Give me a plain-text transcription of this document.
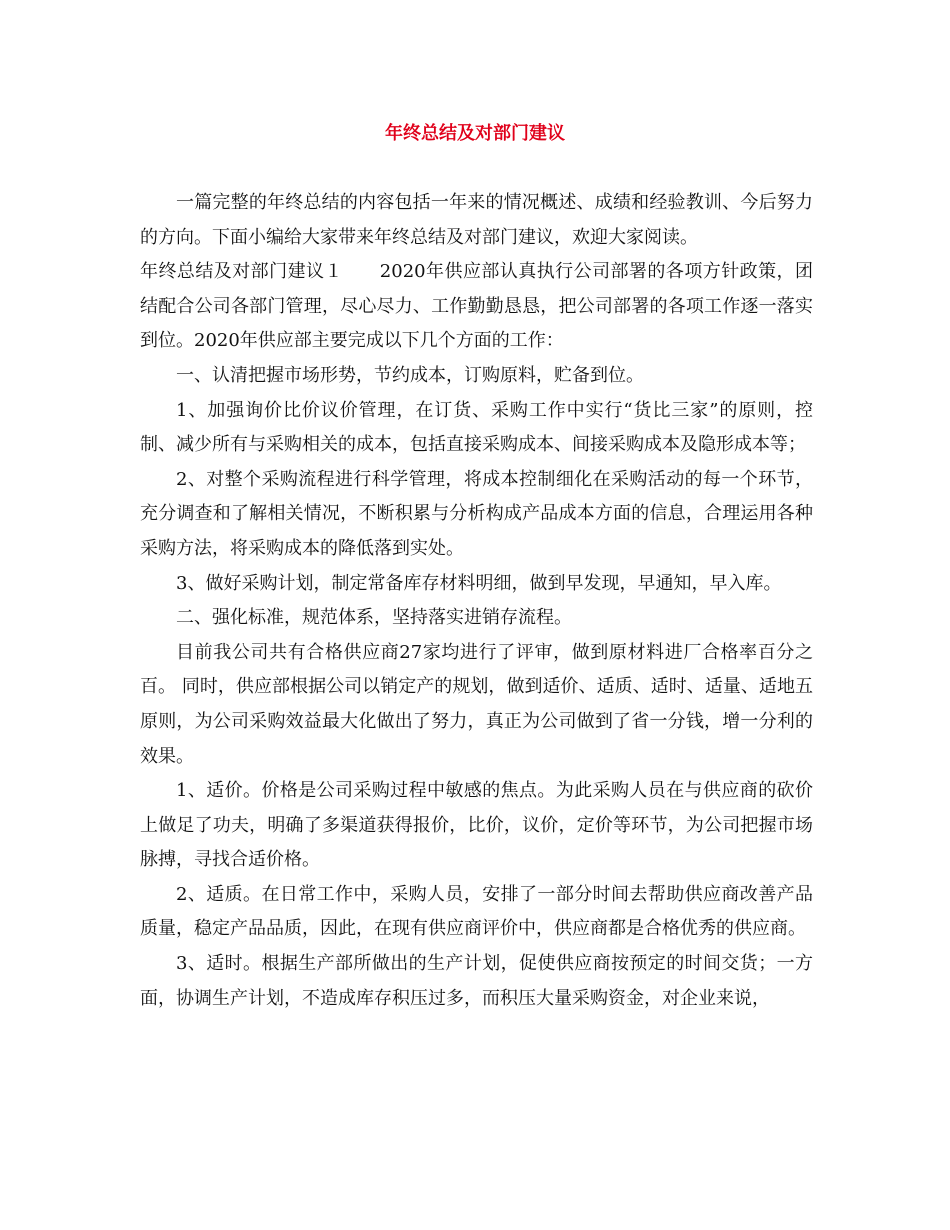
年终总结及对部门建议

一篇完整的年终总结的内容包括一年来的情况概述、成绩和经验教训、今后努力的方向。下面小编给大家带来年终总结及对部门建议，欢迎大家阅读。

年终总结及对部门建议１　　2020年供应部认真执行公司部署的各项方针政策，团结配合公司各部门管理，尽心尽力、工作勤勤恳恳，把公司部署的各项工作逐一落实到位。2020年供应部主要完成以下几个方面的工作：

一、认清把握市场形势，节约成本，订购原料，贮备到位。

1、加强询价比价议价管理，在订货、采购工作中实行“货比三家”的原则，控制、减少所有与采购相关的成本，包括直接采购成本、间接采购成本及隐形成本等；

2、对整个采购流程进行科学管理，将成本控制细化在采购活动的每一个环节，充分调查和了解相关情况，不断积累与分析构成产品成本方面的信息，合理运用各种采购方法，将采购成本的降低落到实处。

3、做好采购计划，制定常备库存材料明细，做到早发现，早通知，早入库。

二、强化标准，规范体系，坚持落实进销存流程。

目前我公司共有合格供应商27家均进行了评审，做到原材料进厂合格率百分之百。 同时，供应部根据公司以销定产的规划，做到适价、适质、适时、适量、适地五原则，为公司采购效益最大化做出了努力，真正为公司做到了省一分钱，增一分利的效果。

1、适价。价格是公司采购过程中敏感的焦点。为此采购人员在与供应商的砍价上做足了功夫，明确了多渠道获得报价，比价，议价，定价等环节，为公司把握市场脉搏，寻找合适价格。

2、适质。在日常工作中，采购人员，安排了一部分时间去帮助供应商改善产品质量，稳定产品品质，因此，在现有供应商评价中，供应商都是合格优秀的供应商。

3、适时。根据生产部所做出的生产计划，促使供应商按预定的时间交货；一方面，协调生产计划，不造成库存积压过多，而积压大量采购资金，对企业来说，
